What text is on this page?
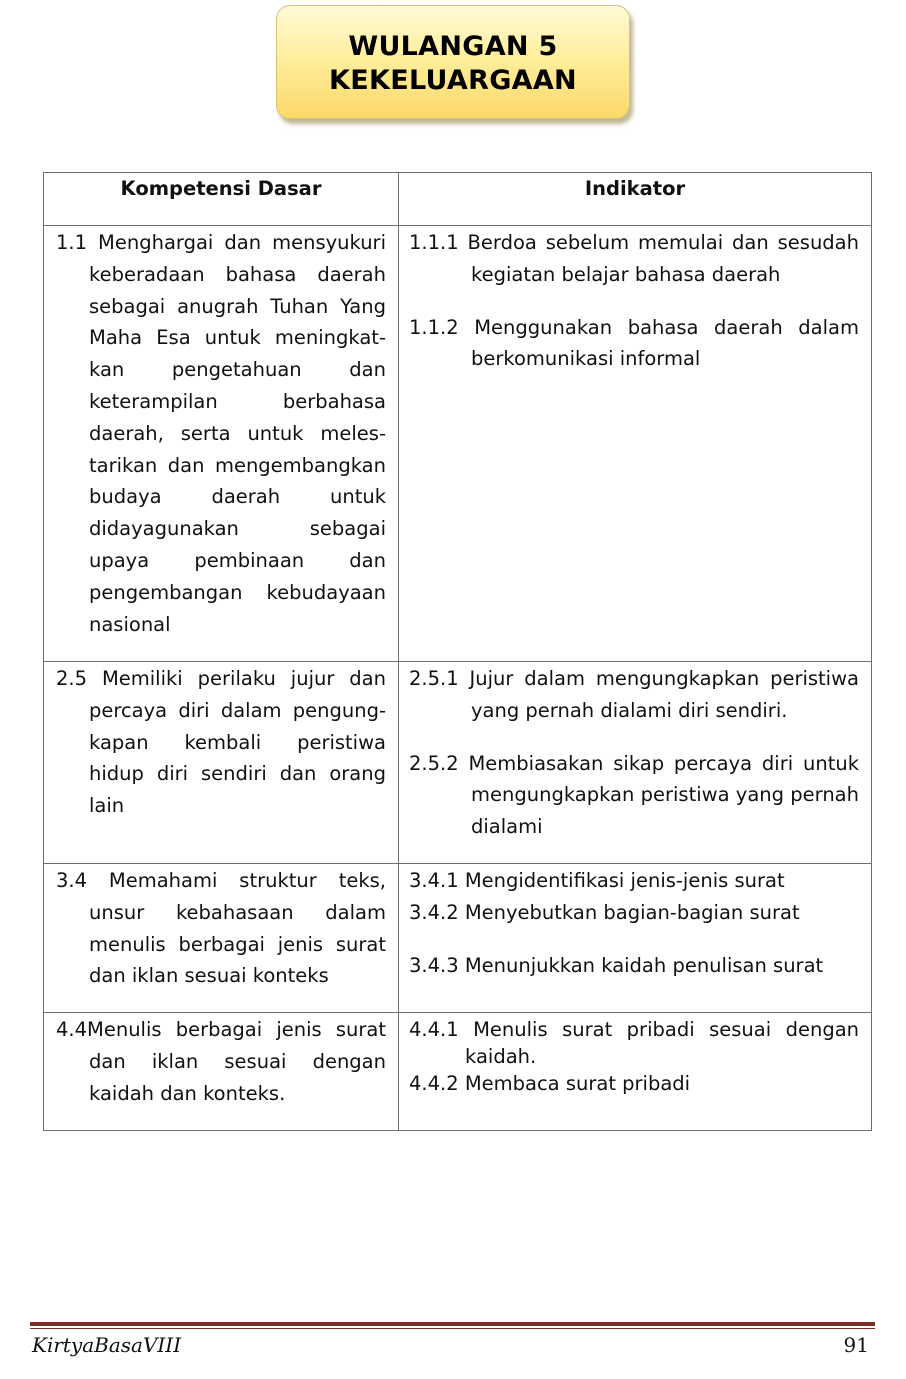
WULANGAN 5
KEKELUARGAAN
Kompetensi Dasar	Indikator

1.1 Menghargai dan mensyukuri keberadaan bahasa daerah sebagai anugrah Tuhan Yang Maha Esa untuk meningkat-kan pengetahuan dan keterampilan berbahasa daerah, serta untuk meles-tarikan dan mengembangkan budaya daerah untuk didayagunakan sebagai upaya pembinaan dan pengembangan kebudayaan nasional	1.1.1 Berdoa sebelum memulai dan sesudah kegiatan belajar bahasa daerah
1.1.2 Menggunakan bahasa daerah dalam berkomunikasi informal

2.5 Memiliki perilaku jujur dan percaya diri dalam pengung-kapan kembali peristiwa hidup diri sendiri dan orang lain	2.5.1 Jujur dalam mengungkapkan peristiwa yang pernah dialami diri sendiri.
2.5.2 Membiasakan sikap percaya diri untuk mengungkapkan peristiwa yang pernah dialami

3.4 Memahami struktur teks, unsur kebahasaan dalam menulis berbagai jenis surat dan iklan sesuai konteks	3.4.1 Mengidentifikasi jenis-jenis surat
3.4.2 Menyebutkan bagian-bagian surat
3.4.3 Menunjukkan kaidah penulisan surat

4.4Menulis berbagai jenis surat dan iklan sesuai dengan kaidah dan konteks.	4.4.1 Menulis surat pribadi sesuai dengan kaidah.
4.4.2 Membaca surat pribadi
KirtyaBasaVIII	91
